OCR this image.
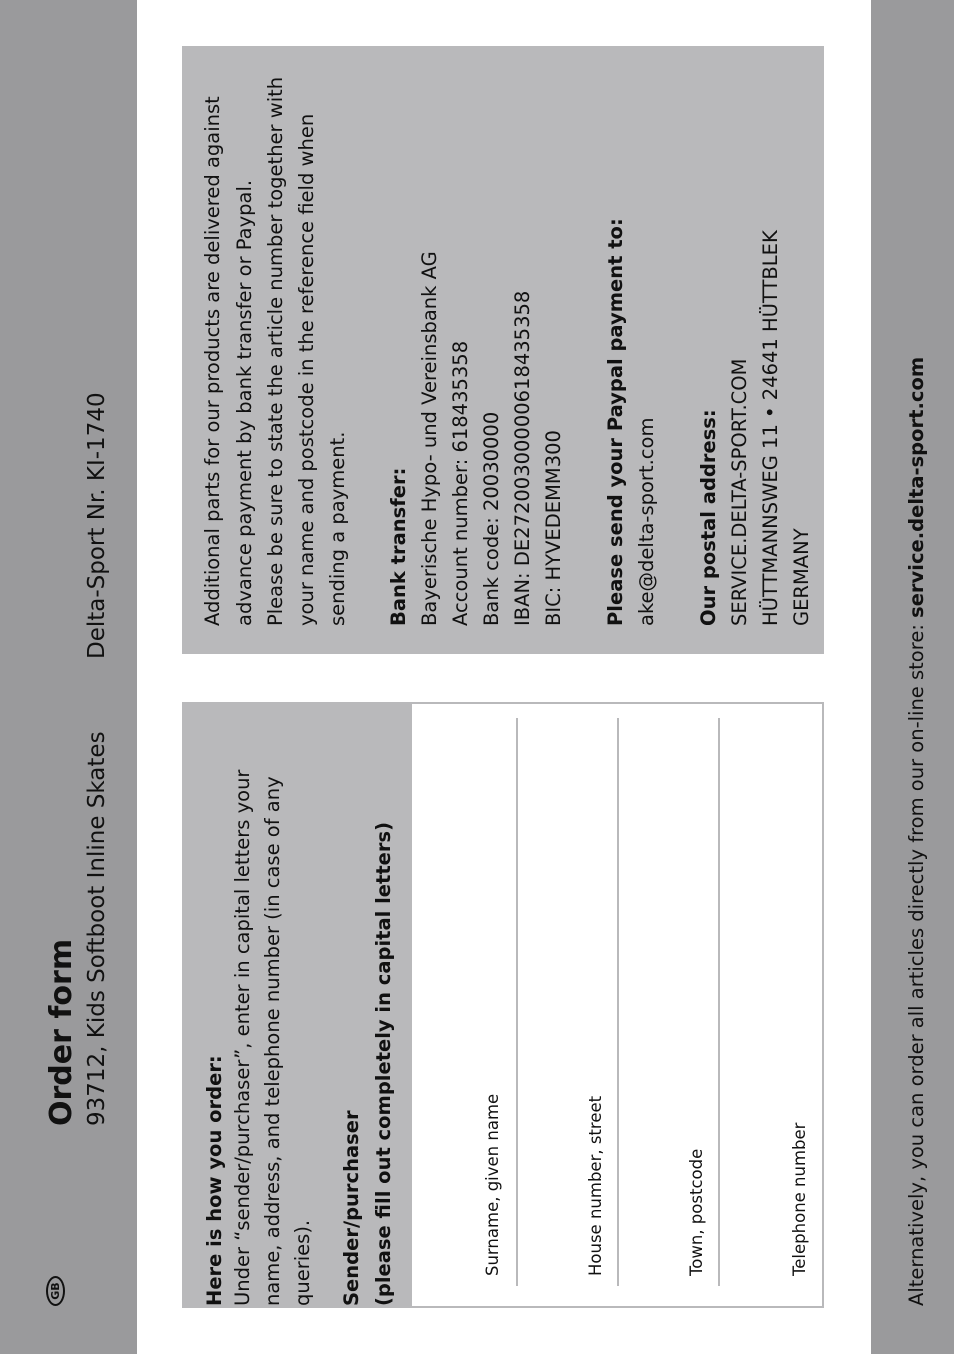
GB
Order form 93712, Kids Softboot Inline Skates
Delta-Sport Nr. KI-1740
Here is how you order: Under “sender/purchaser”, enter in capital letters your name, address, and telephone number (in case of any queries). Sender/purchaser (please fill out completely in capital letters)	Surname, given name	House number, street	Town, postcode	Telephone number
Additional parts for our products are delivered against advance payment by bank transfer or Paypal. Please be sure to state the article number together with your name and postcode in the reference field when sending a payment. Bank transfer: Bayerische Hypo- und Vereinsbank AG Account number: 618435358 Bank code: 20030000 IBAN: DE27200300000618435358 BIC: HYVEDEMM300 Please send your Paypal payment to: ake@delta-sport.com Our postal address: SERVICE.DELTA-SPORT.COM HÜTTMANNSWEG 11 • 24641 HÜTTBLEK GERMANY
Alternatively, you can order all articles directly from our on-line store: service.delta-sport.com
